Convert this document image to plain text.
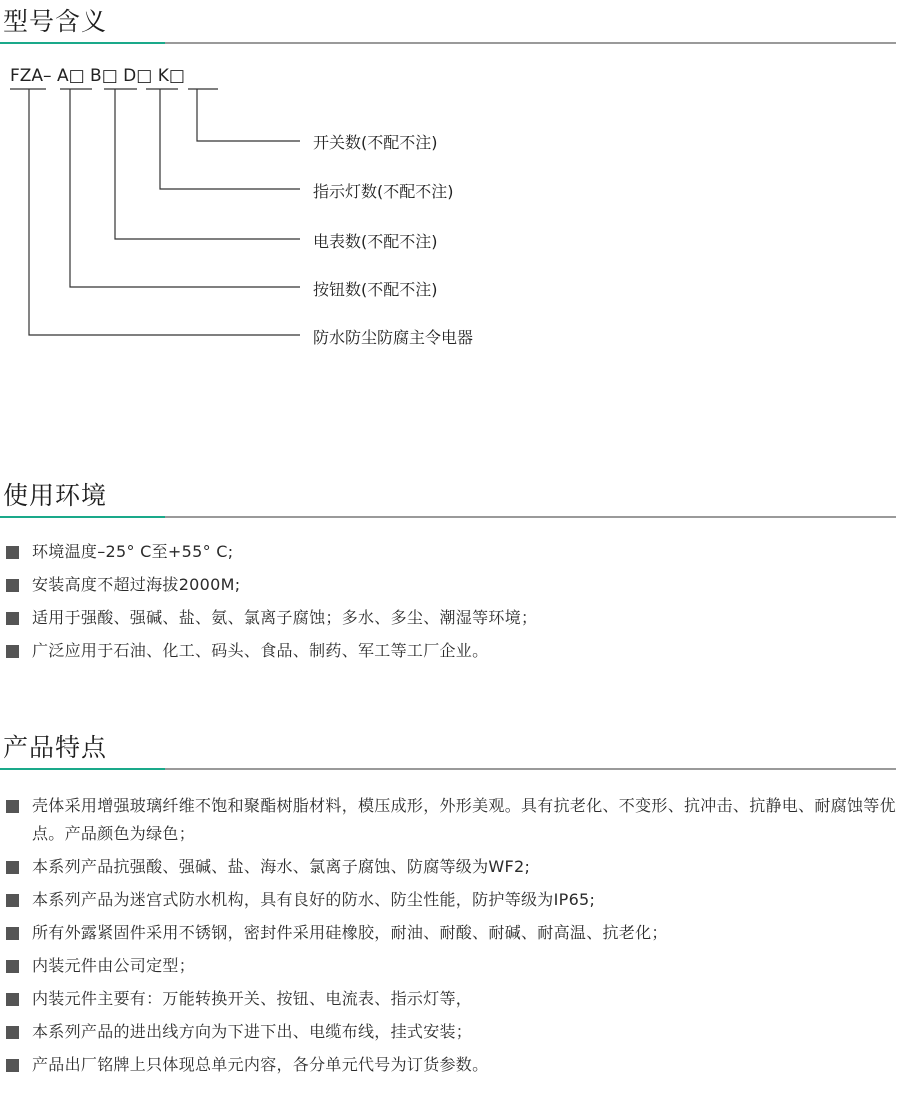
型号含义
FZA– A□ B□ D□ K□
开关数(不配不注)
指示灯数(不配不注)
电表数(不配不注)
按钮数(不配不注)
防水防尘防腐主令电器
使用环境
环境温度–25° C至+55° C;
安装高度不超过海拔2000M;
适用于强酸、强碱、盐、氨、氯离子腐蚀；多水、多尘、潮湿等环境；
广泛应用于石油、化工、码头、食品、制药、军工等工厂企业。
产品特点
壳体采用增强玻璃纤维不饱和聚酯树脂材料，模压成形，外形美观。具有抗老化、不变形、抗冲击、抗静电、耐腐蚀等优点。产品颜色为绿色；
本系列产品抗强酸、强碱、盐、海水、氯离子腐蚀、防腐等级为WF2;
本系列产品为迷宫式防水机构，具有良好的防水、防尘性能，防护等级为IP65;
所有外露紧固件采用不锈钢，密封件采用硅橡胶，耐油、耐酸、耐碱、耐高温、抗老化；
内装元件由公司定型；
内装元件主要有：万能转换开关、按钮、电流表、指示灯等，
本系列产品的进出线方向为下进下出、电缆布线，挂式安装；
产品出厂铭牌上只体现总单元内容，各分单元代号为订货参数。
